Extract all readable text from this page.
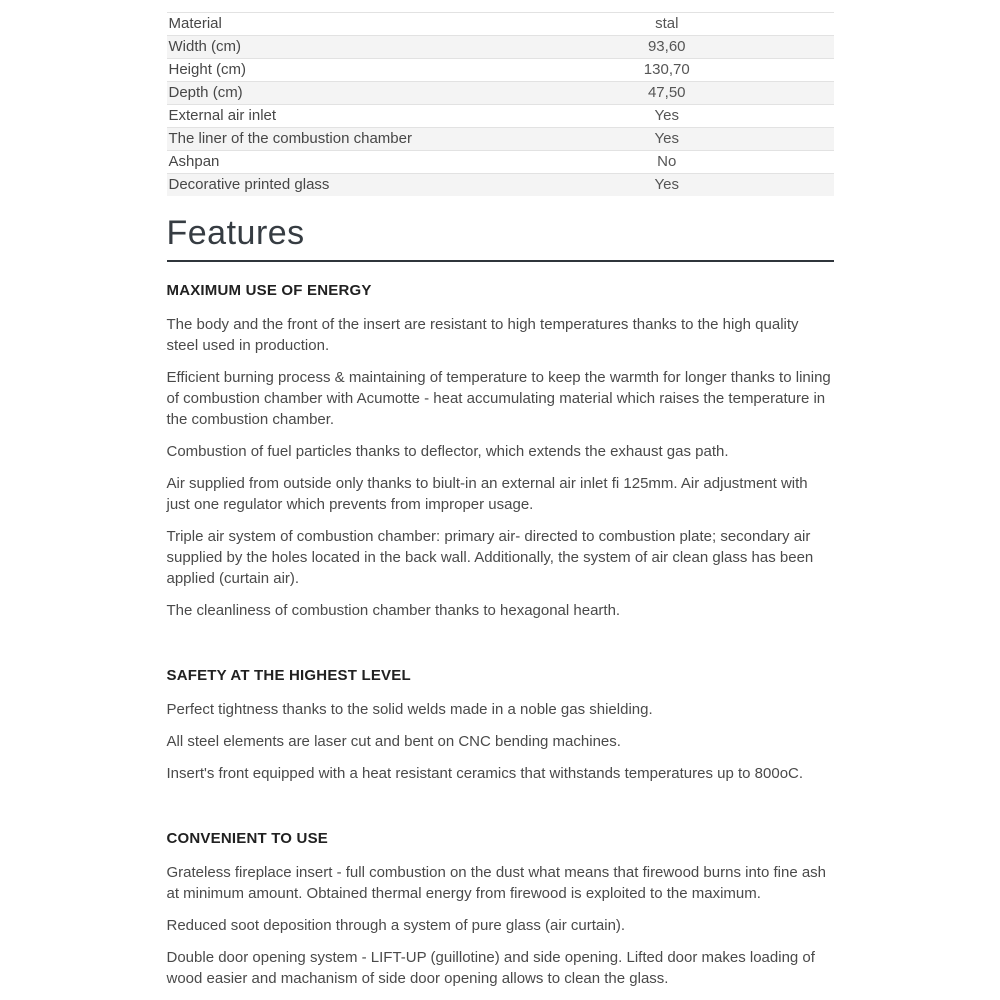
Material	stal
Width (cm)	93,60
Height (cm)	130,70
Depth (cm)	47,50
External air inlet	Yes
The liner of the combustion chamber	Yes
Ashpan	No
Decorative printed glass	Yes
Features
MAXIMUM USE OF ENERGY

The body and the front of the insert are resistant to high temperatures thanks to the high quality steel used in production.

Efficient burning process & maintaining of temperature to keep the warmth for longer thanks to lining of combustion chamber with Acumotte - heat accumulating material which raises the temperature in the combustion chamber.

Combustion of fuel particles thanks to deflector, which extends the exhaust gas path.

Air supplied from outside only thanks to biult-in an external air inlet fi 125mm. Air adjustment with just one regulator which prevents from improper usage.

Triple air system of combustion chamber: primary air- directed to combustion plate; secondary air supplied by the holes located in the back wall. Additionally, the system of air clean glass has been applied (curtain air).

The cleanliness of combustion chamber thanks to hexagonal hearth.

SAFETY AT THE HIGHEST LEVEL

Perfect tightness thanks to the solid welds made in a noble gas shielding.

All steel elements are laser cut and bent on CNC bending machines.

Insert's front equipped with a heat resistant ceramics that withstands temperatures up to 800oC.

CONVENIENT TO USE

Grateless fireplace insert - full combustion on the dust what means that firewood burns into fine ash at minimum amount. Obtained thermal energy from firewood is exploited to the maximum.

Reduced soot deposition through a system of pure glass (air curtain).

Double door opening system - LIFT-UP (guillotine) and side opening. Lifted door makes loading of wood easier and machanism of side door opening allows to clean the glass.
